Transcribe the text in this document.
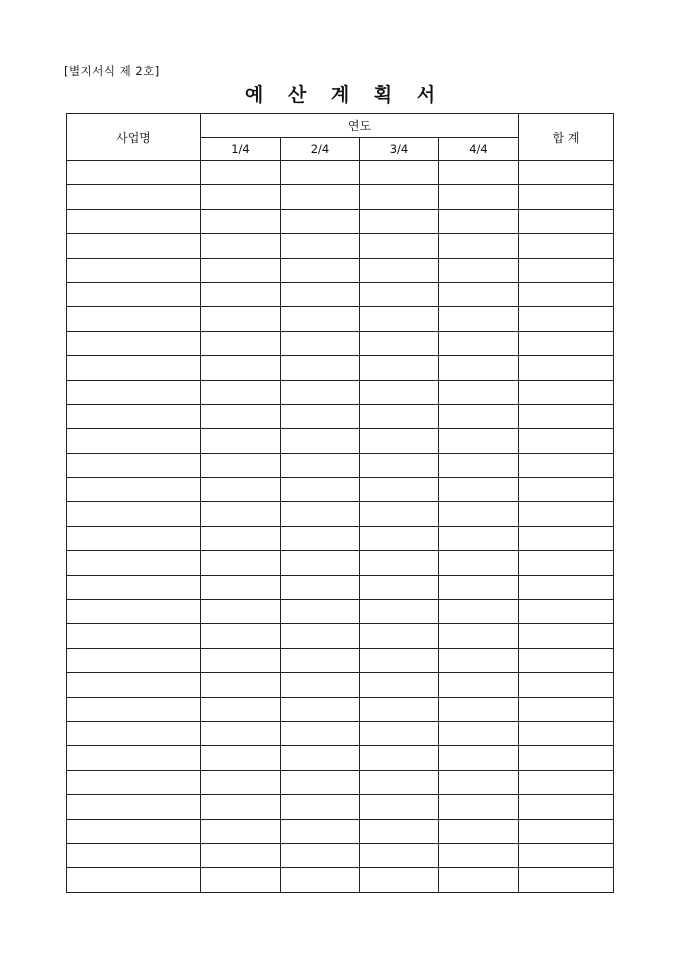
[별지서식 제 2호]
예 산 계 획 서
사업명	연도				합 계
	1/4	2/4	3/4	4/4	
